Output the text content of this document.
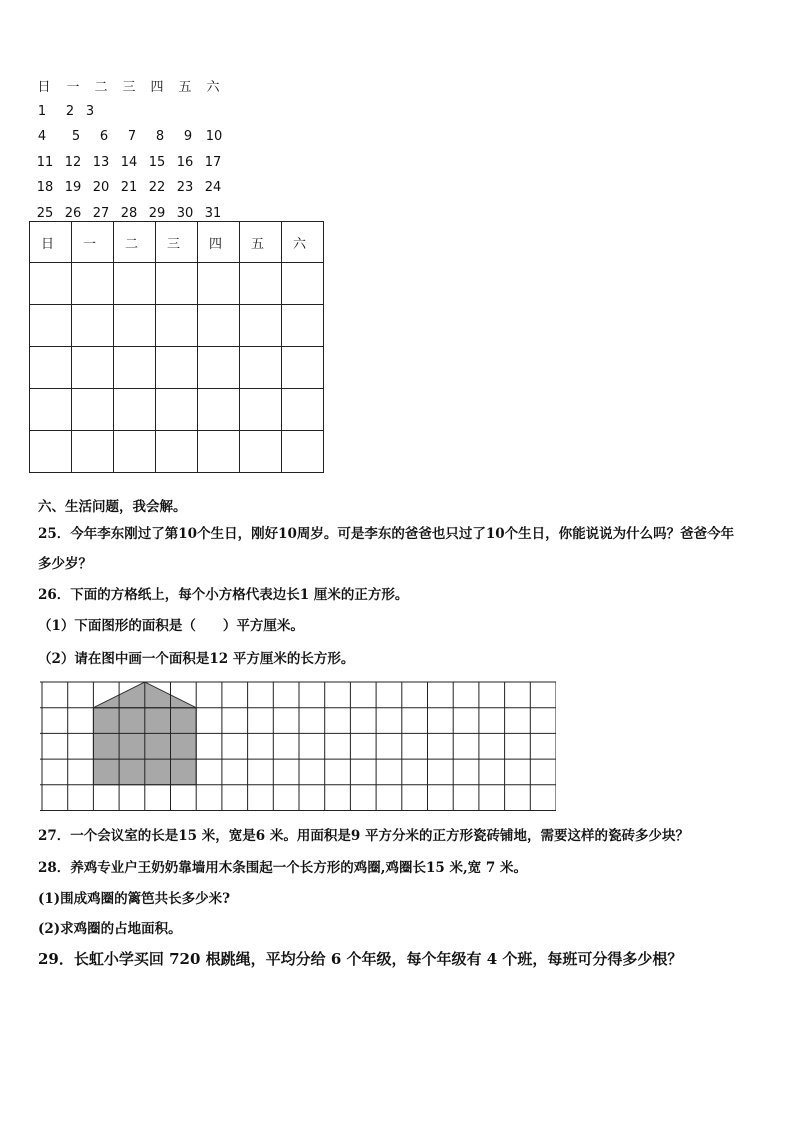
日	一	二	三	四	五	六
1	2 3
4	5	6	7	8	9	10
11 12 13 14 15 16 17
18 19 20 21 22 23 24
25 26 27 28 29 30 31
日	一	二	三	四	五	六

六、生活问题，我会解。
25．今年李东刚过了第10个生日，刚好10周岁。可是李东的爸爸也只过了10个生日，你能说说为什么吗？爸爸今年
多少岁？
26．下面的方格纸上，每个小方格代表边长1 厘米的正方形。
（1）下面图形的面积是（　　）平方厘米。
（2）请在图中画一个面积是12 平方厘米的长方形。
27．一个会议室的长是15 米，宽是6 米。用面积是9 平方分米的正方形瓷砖铺地，需要这样的瓷砖多少块？
28．养鸡专业户王奶奶靠墙用木条围起一个长方形的鸡圈,鸡圈长15 米,宽 7 米。
(1)围成鸡圈的篱笆共长多少米?
(2)求鸡圈的占地面积。
29．长虹小学买回 720 根跳绳，平均分给 6 个年级，每个年级有 4 个班，每班可分得多少根？
